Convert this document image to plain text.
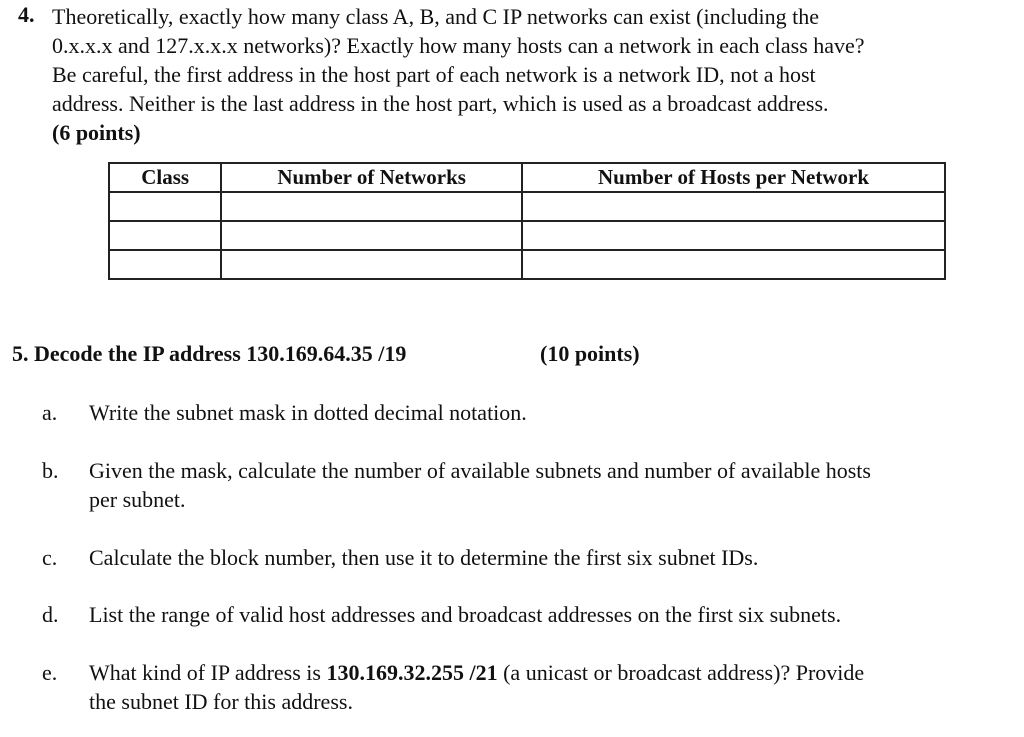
4. Theoretically, exactly how many class A, B, and C IP networks can exist (including the
0.x.x.x and 127.x.x.x networks)? Exactly how many hosts can a network in each class have?
Be careful, the first address in the host part of each network is a network ID, not a host
address. Neither is the last address in the host part, which is used as a broadcast address.
(6 points)
Class	Number of Networks	Number of Hosts per Network

5. Decode the IP address 130.169.64.35 /19	(10 points)
a. Write the subnet mask in dotted decimal notation.
b. Given the mask, calculate the number of available subnets and number of available hosts
per subnet.
c. Calculate the block number, then use it to determine the first six subnet IDs.
d. List the range of valid host addresses and broadcast addresses on the first six subnets.
e. What kind of IP address is 130.169.32.255 /21 (a unicast or broadcast address)? Provide
the subnet ID for this address.
